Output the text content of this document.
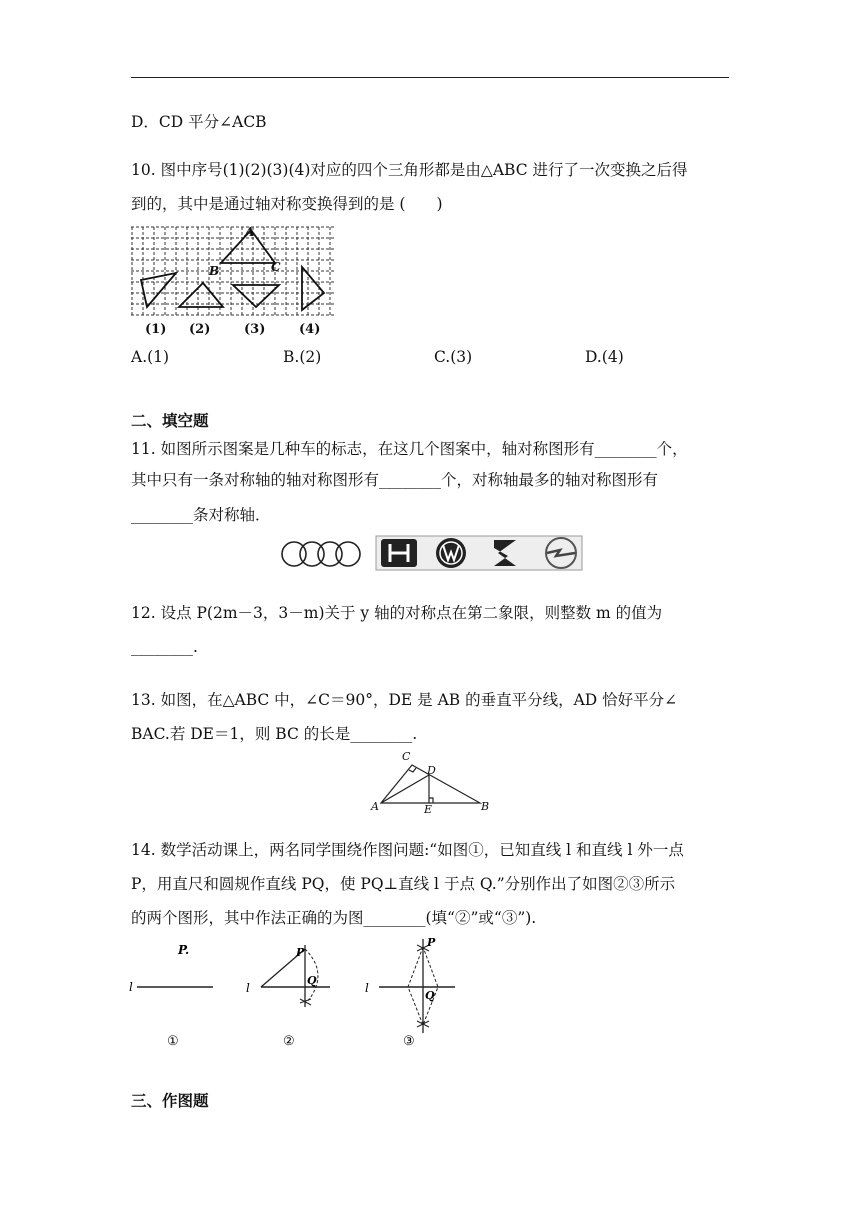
D．CD 平分∠ACB
10. 图中序号(1)(2)(3)(4)对应的四个三角形都是由△ABC 进行了一次变换之后得
到的，其中是通过轴对称变换得到的是 (　　)
A
B	C
(1) (2)	(3)	(4)
A.(1)	B.(2)	C.(3)	D.(4)
二、填空题
11. 如图所示图案是几种车的标志，在这几个图案中，轴对称图形有________个，
其中只有一条对称轴的轴对称图形有________个，对称轴最多的轴对称图形有
________条对称轴．
12. 设点 P(2m－3，3－m)关于 y 轴的对称点在第二象限，则整数 m 的值为
________.
13. 如图，在△ABC 中，∠C＝90°，DE 是 AB 的垂直平分线，AD 恰好平分∠
BAC.若 DE＝1，则 BC 的长是________.
A	B
C
D
E
14. 数学活动课上，两名同学围绕作图问题:“如图①，已知直线 l 和直线 l 外一点
P，用直尺和圆规作直线 PQ，使 PQ⊥直线 l 于点 Q.”分别作出了如图②③所示
的两个图形，其中作法正确的为图________(填“②”或“③”).
l
P.
①
l
P
Q
②
l
P
Q
③
三、作图题
